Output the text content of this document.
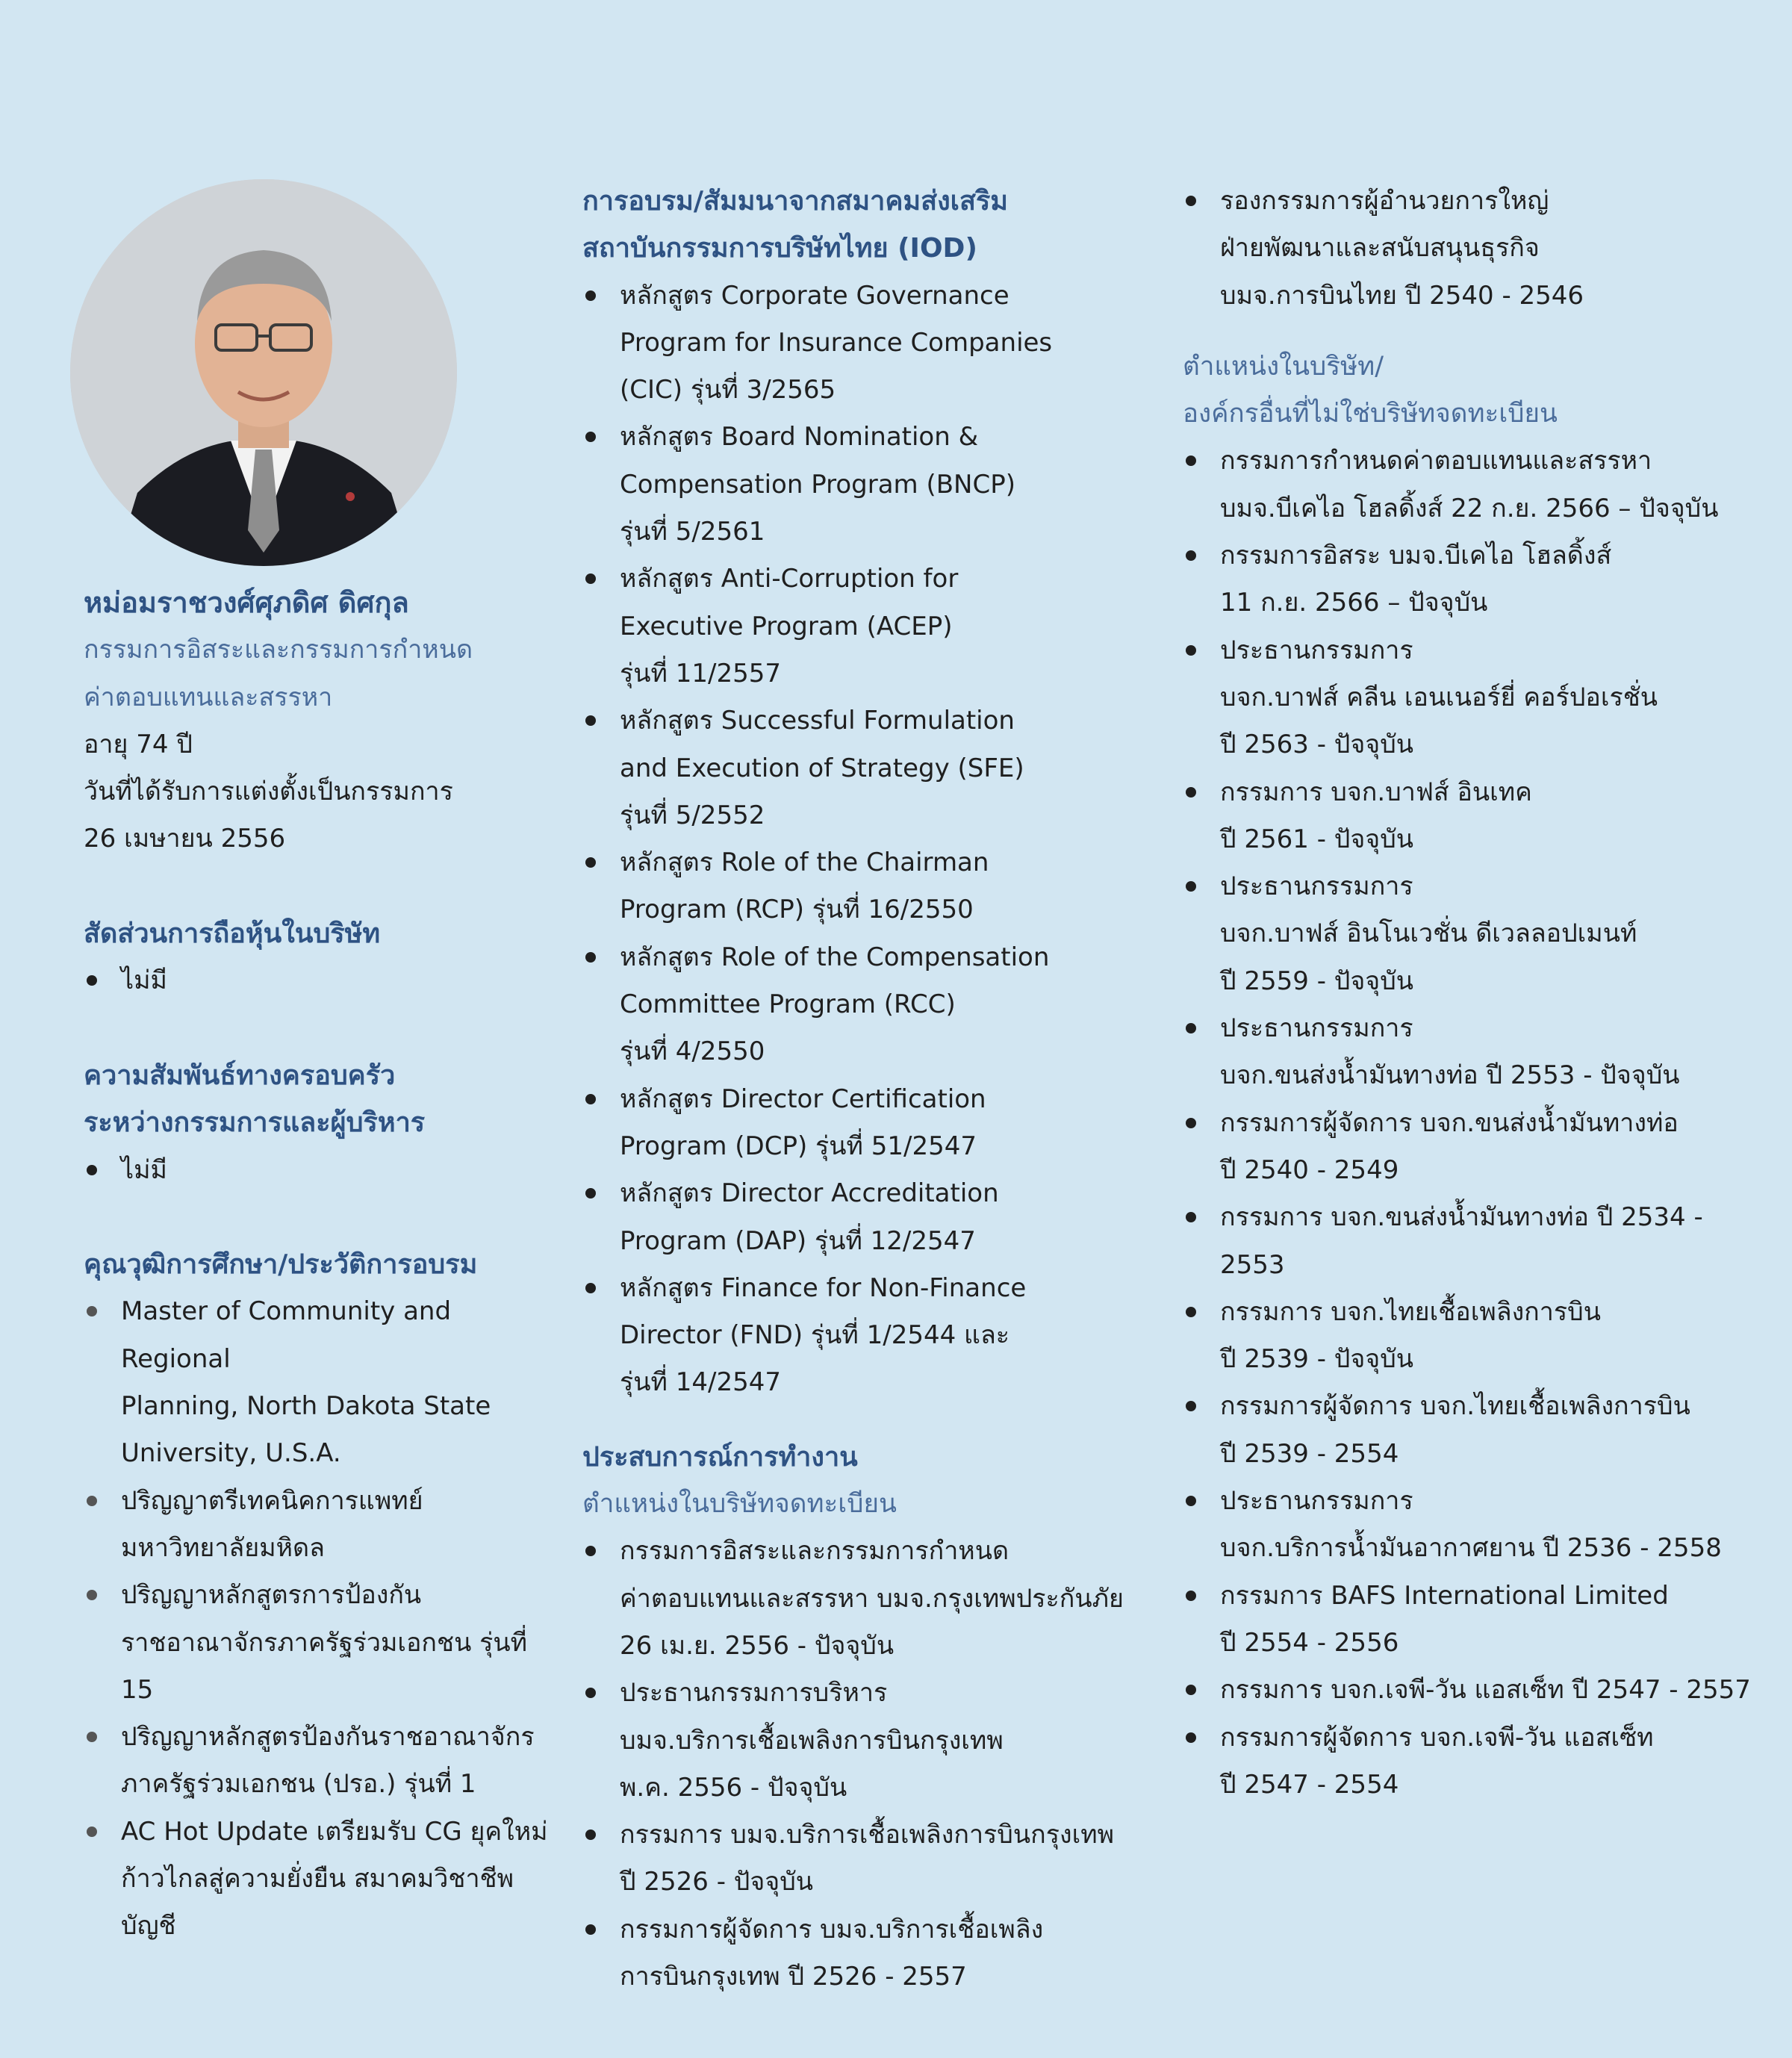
หม่อมราชวงศ์ศุภดิศ ดิศกุล
กรรมการอิสระและกรรมการกำหนด
ค่าตอบแทนและสรรหา
อายุ 74 ปี
วันที่ได้รับการแต่งตั้งเป็นกรรมการ
26 เมษายน 2556
สัดส่วนการถือหุ้นในบริษัท
ไม่มี
ความสัมพันธ์ทางครอบครัว
ระหว่างกรรมการและผู้บริหาร
ไม่มี
คุณวุฒิการศึกษา/ประวัติการอบรม
Master of Community and Regional
Planning, North Dakota State
University, U.S.A.
ปริญญาตรีเทคนิคการแพทย์
มหาวิทยาลัยมหิดล
ปริญญาหลักสูตรการป้องกัน
ราชอาณาจักรภาครัฐร่วมเอกชน รุ่นที่ 15
ปริญญาหลักสูตรป้องกันราชอาณาจักร
ภาครัฐร่วมเอกชน (ปรอ.) รุ่นที่ 1
AC Hot Update เตรียมรับ CG ยุคใหม่
ก้าวไกลสู่ความยั่งยืน สมาคมวิชาชีพ
บัญชี
การอบรม/สัมมนาจากสมาคมส่งเสริม
สถาบันกรรมการบริษัทไทย (IOD)
หลักสูตร Corporate Governance
Program for Insurance Companies
(CIC) รุ่นที่ 3/2565
หลักสูตร Board Nomination &
Compensation Program (BNCP)
รุ่นที่ 5/2561
หลักสูตร Anti-Corruption for
Executive Program (ACEP)
รุ่นที่ 11/2557
หลักสูตร Successful Formulation
and Execution of Strategy (SFE)
รุ่นที่ 5/2552
หลักสูตร Role of the Chairman
Program (RCP) รุ่นที่ 16/2550
หลักสูตร Role of the Compensation
Committee Program (RCC)
รุ่นที่ 4/2550
หลักสูตร Director Certification
Program (DCP) รุ่นที่ 51/2547
หลักสูตร Director Accreditation
Program (DAP) รุ่นที่ 12/2547
หลักสูตร Finance for Non-Finance
Director (FND) รุ่นที่ 1/2544 และ
รุ่นที่ 14/2547
ประสบการณ์การทำงาน
ตำแหน่งในบริษัทจดทะเบียน
กรรมการอิสระและกรรมการกำหนด
ค่าตอบแทนและสรรหา บมจ.กรุงเทพประกันภัย
26 เม.ย. 2556 - ปัจจุบัน
ประธานกรรมการบริหาร
บมจ.บริการเชื้อเพลิงการบินกรุงเทพ
พ.ค. 2556 - ปัจจุบัน
กรรมการ บมจ.บริการเชื้อเพลิงการบินกรุงเทพ
ปี 2526 - ปัจจุบัน
กรรมการผู้จัดการ บมจ.บริการเชื้อเพลิง
การบินกรุงเทพ ปี 2526 - 2557
รองกรรมการผู้อำนวยการใหญ่
ฝ่ายพัฒนาและสนับสนุนธุรกิจ
บมจ.การบินไทย ปี 2540 - 2546
ตำแหน่งในบริษัท/
องค์กรอื่นที่ไม่ใช่บริษัทจดทะเบียน
กรรมการกำหนดค่าตอบแทนและสรรหา
บมจ.บีเคไอ โฮลดิ้งส์ 22 ก.ย. 2566 – ปัจจุบัน
กรรมการอิสระ บมจ.บีเคไอ โฮลดิ้งส์
11 ก.ย. 2566 – ปัจจุบัน
ประธานกรรมการ
บจก.บาฟส์ คลีน เอนเนอร์ยี่ คอร์ปอเรชั่น
ปี 2563 - ปัจจุบัน
กรรมการ บจก.บาฟส์ อินเทค
ปี 2561 - ปัจจุบัน
ประธานกรรมการ
บจก.บาฟส์ อินโนเวชั่น ดีเวลลอปเมนท์
ปี 2559 - ปัจจุบัน
ประธานกรรมการ
บจก.ขนส่งน้ำมันทางท่อ ปี 2553 - ปัจจุบัน
กรรมการผู้จัดการ บจก.ขนส่งน้ำมันทางท่อ
ปี 2540 - 2549
กรรมการ บจก.ขนส่งน้ำมันทางท่อ ปี 2534 - 2553
กรรมการ บจก.ไทยเชื้อเพลิงการบิน
ปี 2539 - ปัจจุบัน
กรรมการผู้จัดการ บจก.ไทยเชื้อเพลิงการบิน
ปี 2539 - 2554
ประธานกรรมการ
บจก.บริการน้ำมันอากาศยาน ปี 2536 - 2558
กรรมการ BAFS International Limited
ปี 2554 - 2556
กรรมการ บจก.เจพี-วัน แอสเซ็ท ปี 2547 - 2557
กรรมการผู้จัดการ บจก.เจพี-วัน แอสเซ็ท
ปี 2547 - 2554
